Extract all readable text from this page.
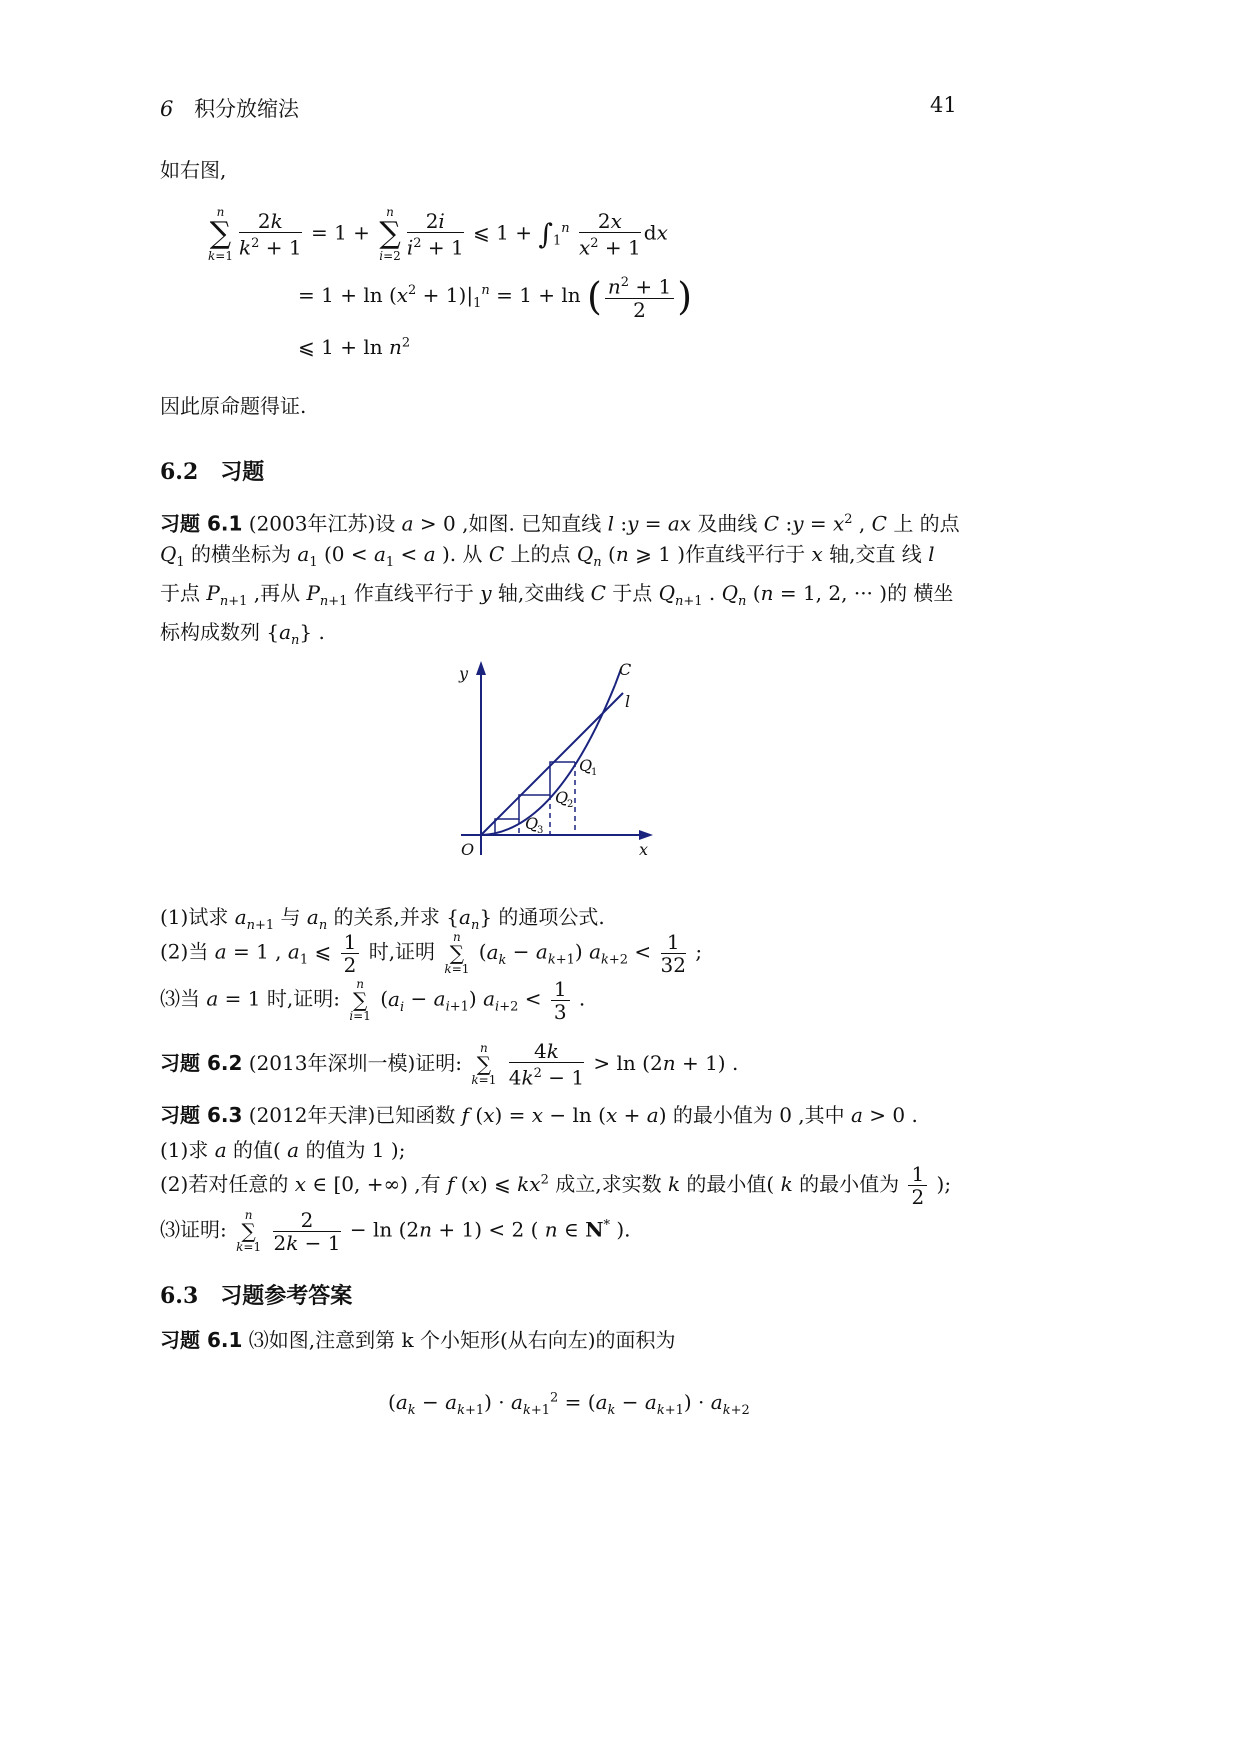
6 积分放缩法	41
如右图,
n
∑
$k=1 \frac{2k}{k^2 + 1} = 1$ +
n
∑
$i=2 \frac{2i}{i^2 + 1}$ ⩽ $1 + \int_1^n \frac{2x}{x^2 + 1}$ dx
= $1 + \ln (x^2 + 1)|_1^n = 1 + \ln$ ( $\frac{n^2 + 1}{2}$ )
⩽ $1 + \ln n^2$
因此原命题得证.
6.2 习题
习题 6.1 (2003年江苏)设 a > 0 ,如图. 已知直线 l :y = ax 及曲线 C :y = $x^2$ , C 上 的点 $Q_1$ 的横坐标为 $a_1$ ($0 < a_1 < a$ ). 从 C 上的点 $Q_n$ (n ⩾ 1 )作直线平行于 x 轴,交直 线 l 于点 $P_{n+1}$ ,再从 $P_{n+1}$ 作直线平行于 y 轴,交曲线 C 于点 $Q_{n+1}$ . $Q_n$ (n = 1, 2, ··· )的 横坐标构成数列 $\{a_n\}$ .
y
x
O
C
l
Q
Q
Q
1
2
3
(1)试求 $a_{n+1}$ 与 $a_n$ 的关系,并求 $\{a_n\}$ 的通项公式.
(2)当 a = 1 , $a_1$ ⩽ $\frac{1}{2}$ 时,证明
n
∑
k=1
$(a_k - a_{k+1}) a_{k+2} < \frac{1}{32}$ ;
⑶当 a = 1 时,证明:
n
∑
i=1
$(a_i - a_{i+1}) a_{i+2} < \frac{1}{3}$ .
习题 6.2 (2013年深圳一模)证明:
n
∑
k=1
$\frac{4k}{4k^2 - 1} > \ln (2n + 1)$ .
习题 6.3 (2012年天津)已知函数 f (x) = x − ln (x + a) 的最小值为 0 ,其中 a > 0 .
(1)求 a 的值( a 的值为 1 );
(2)若对任意的 x ∈ [0, +∞) ,有 f (x) ⩽ $kx^2$ 成立,求实数 k 的最小值( k 的最小值为 $\frac{1}{2}$ );
⑶证明:
n
∑
k=1
$\frac{2}{2k - 1} - \ln (2n + 1) < 2$ ( n ∈ N* ).
6.3 习题参考答案
习题 6.1 ⑶如图,注意到第 k 个小矩形(从右向左)的面积为
$(a_k - a_{k+1}) \cdot a_{k+1}^2 = (a_k - a_{k+1}) \cdot a_{k+2}$
